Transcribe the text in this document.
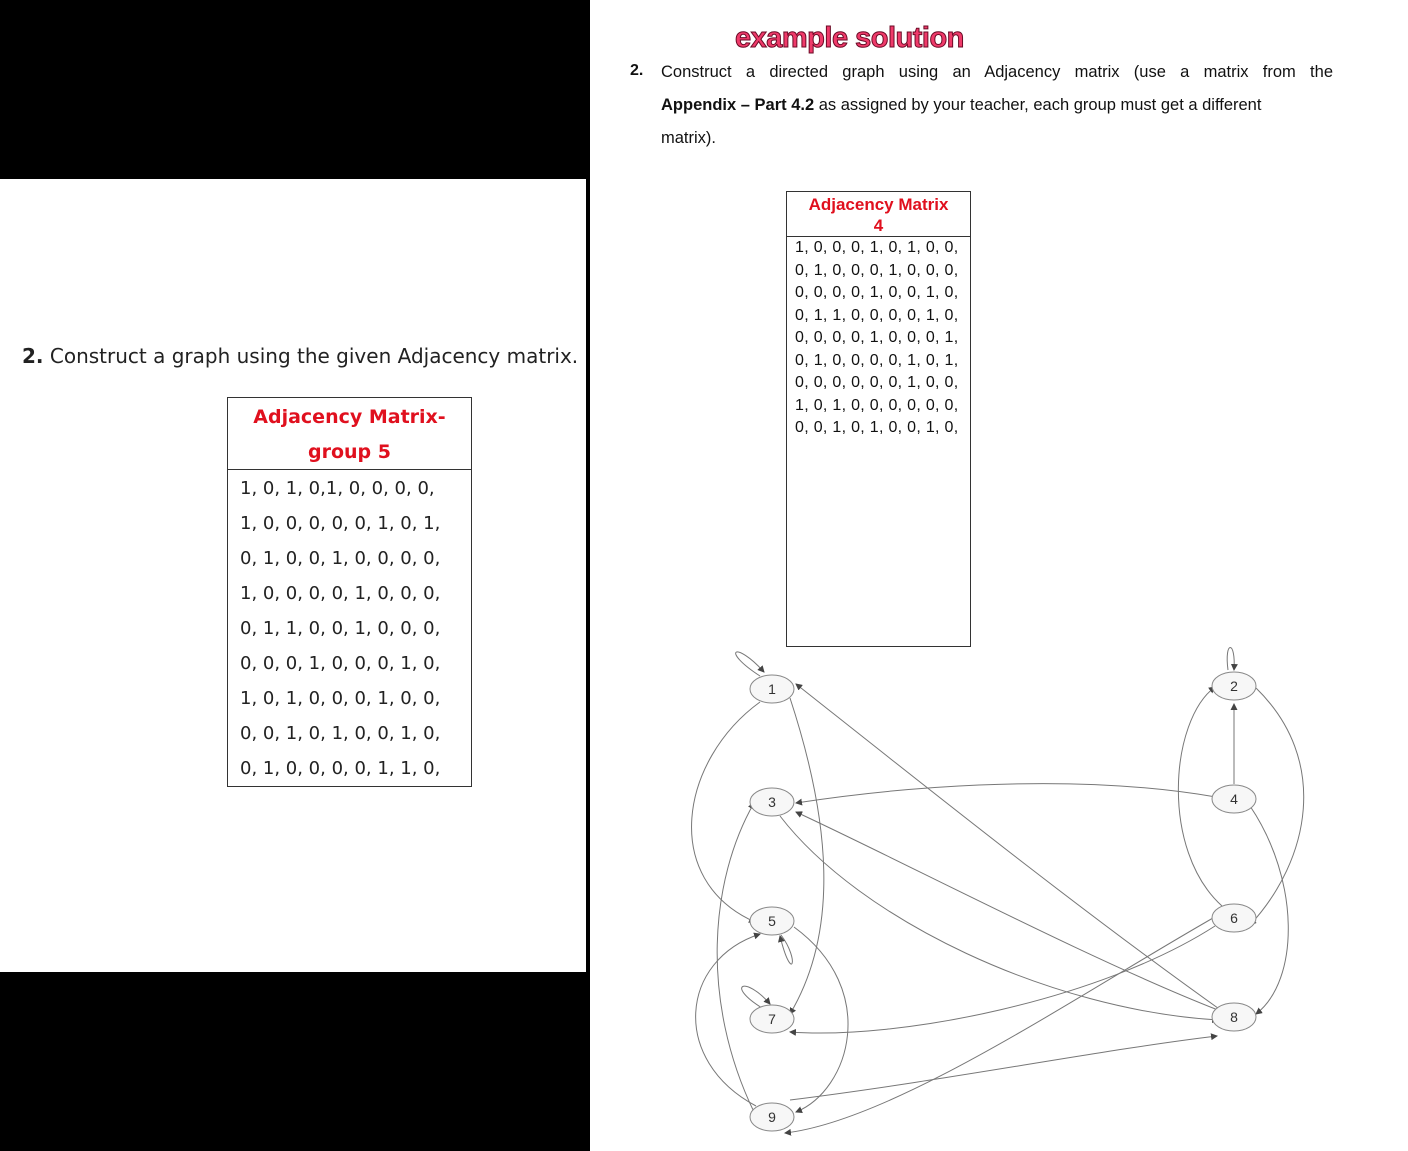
2. Construct a graph using the given Adjacency matrix.
Adjacency Matrix-
group 5
1, 0, 1, 0,1, 0, 0, 0, 0,
1, 0, 0, 0, 0, 0, 1, 0, 1,
0, 1, 0, 0, 1, 0, 0, 0, 0,
1, 0, 0, 0, 0, 1, 0, 0, 0,
0, 1, 1, 0, 0, 1, 0, 0, 0,
0, 0, 0, 1, 0, 0, 0, 1, 0,
1, 0, 1, 0, 0, 0, 1, 0, 0,
0, 0, 1, 0, 1, 0, 0, 1, 0,
0, 1, 0, 0, 0, 0, 1, 1, 0,
example solution
2. Construct a directed graph using an Adjacency matrix (use a matrix from the
Appendix – Part 4.2 as assigned by your teacher, each group must get a different
matrix).
Adjacency Matrix
4
1, 0, 0, 0, 1, 0, 1, 0, 0,
0, 1, 0, 0, 0, 1, 0, 0, 0,
0, 0, 0, 0, 1, 0, 0, 1, 0,
0, 1, 1, 0, 0, 0, 0, 1, 0,
0, 0, 0, 0, 1, 0, 0, 0, 1,
0, 1, 0, 0, 0, 0, 1, 0, 1,
0, 0, 0, 0, 0, 0, 1, 0, 0,
1, 0, 1, 0, 0, 0, 0, 0, 0,
0, 0, 1, 0, 1, 0, 0, 1, 0,
1	2
3	4
5	6
7	8
9
